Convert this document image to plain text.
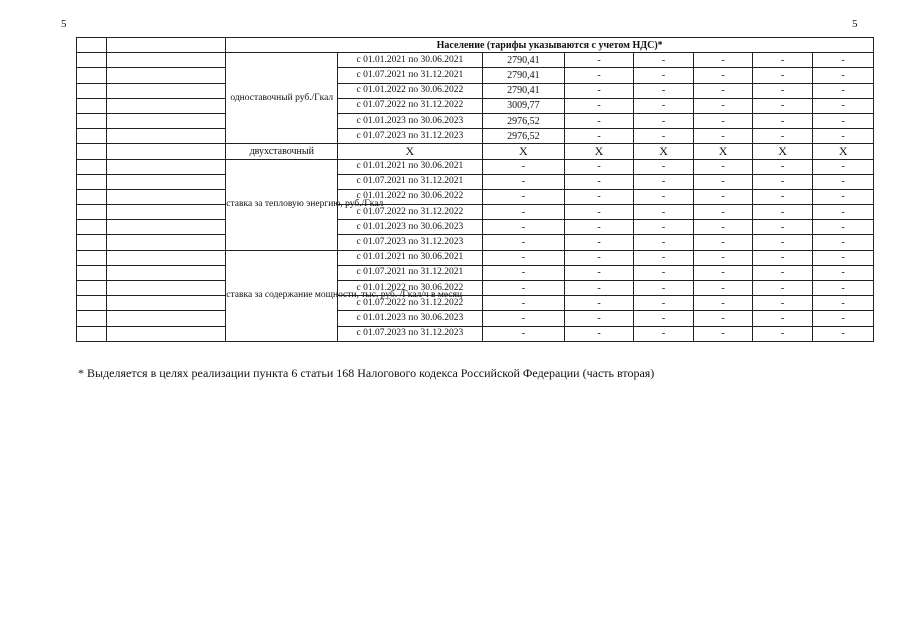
5	5
		Население (тарифы указываются с учетом НДС)*							
		одноставочный руб./Гкал	с 01.01.2021 по 30.06.2021	2790,41	-	-	-	-	-
			с 01.07.2021 по 31.12.2021	2790,41	-	-	-	-	-
			с 01.01.2022 по 30.06.2022	2790,41	-	-	-	-	-
			с 01.07.2022 по 31.12.2022	3009,77	-	-	-	-	-
			с 01.01.2023 по 30.06.2023	2976,52	-	-	-	-	-
			с 01.07.2023 по 31.12.2023	2976,52	-	-	-	-	-
		двухставочный	X	X	X	X	X	X	X
		ставка за тепловую энергию, руб./Гкал	с 01.01.2021 по 30.06.2021	-	-	-	-	-	-
			с 01.07.2021 по 31.12.2021	-	-	-	-	-	-
			с 01.01.2022 по 30.06.2022	-	-	-	-	-	-
			с 01.07.2022 по 31.12.2022	-	-	-	-	-	-
			с 01.01.2023 по 30.06.2023	-	-	-	-	-	-
			с 01.07.2023 по 31.12.2023	-	-	-	-	-	-
		ставка за содержание мощности, тыс. руб. /Гкал/ч в месяц	с 01.01.2021 по 30.06.2021	-	-	-	-	-	-
			с 01.07.2021 по 31.12.2021	-	-	-	-	-	-
			с 01.01.2022 по 30.06.2022	-	-	-	-	-	-
			с 01.07.2022 по 31.12.2022	-	-	-	-	-	-
			с 01.01.2023 по 30.06.2023	-	-	-	-	-	-
			с 01.07.2023 по 31.12.2023	-	-	-	-	-	-
* Выделяется в целях реализации пункта 6 статьи 168 Налогового кодекса Российской Федерации (часть вторая)
